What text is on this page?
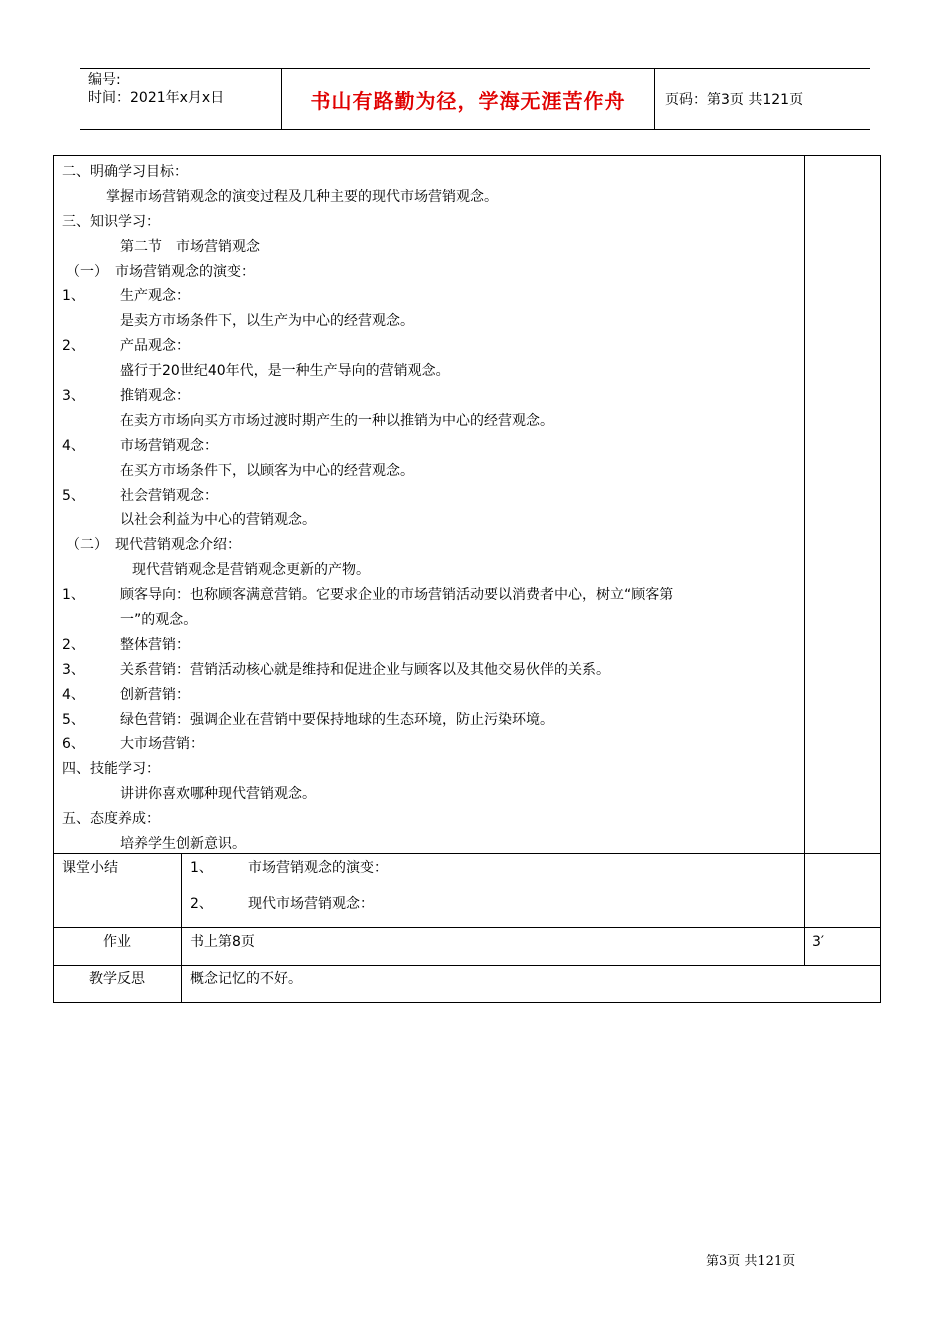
编号:
时间：2021年x月x日	书山有路勤为径，学海无涯苦作舟	页码：第3页 共121页
二、明确学习目标：
掌握市场营销观念的演变过程及几种主要的现代市场营销观念。
三、知识学习：
第二节　市场营销观念
（一）　市场营销观念的演变：
1、	生产观念：
是卖方市场条件下，以生产为中心的经营观念。
2、	产品观念：
盛行于20世纪40年代，是一种生产导向的营销观念。
3、	推销观念：
在卖方市场向买方市场过渡时期产生的一种以推销为中心的经营观念。
4、	市场营销观念：
在买方市场条件下，以顾客为中心的经营观念。
5、	社会营销观念：
以社会利益为中心的营销观念。
（二）　现代营销观念介绍：
现代营销观念是营销观念更新的产物。
1、	顾客导向：也称顾客满意营销。它要求企业的市场营销活动要以消费者中心，树立“顾客第
一”的观念。
2、	整体营销：
3、	关系营销：营销活动核心就是维持和促进企业与顾客以及其他交易伙伴的关系。
4、	创新营销：
5、	绿色营销：强调企业在营销中要保持地球的生态环境，防止污染环境。
6、	大市场营销：
四、技能学习：
讲讲你喜欢哪种现代营销观念。
五、态度养成：
培养学生创新意识。
课堂小结	1、	市场营销观念的演变：
2、	现代市场营销观念：
作业	书上第8页	3′
教学反思	概念记忆的不好。
第3页 共121页
